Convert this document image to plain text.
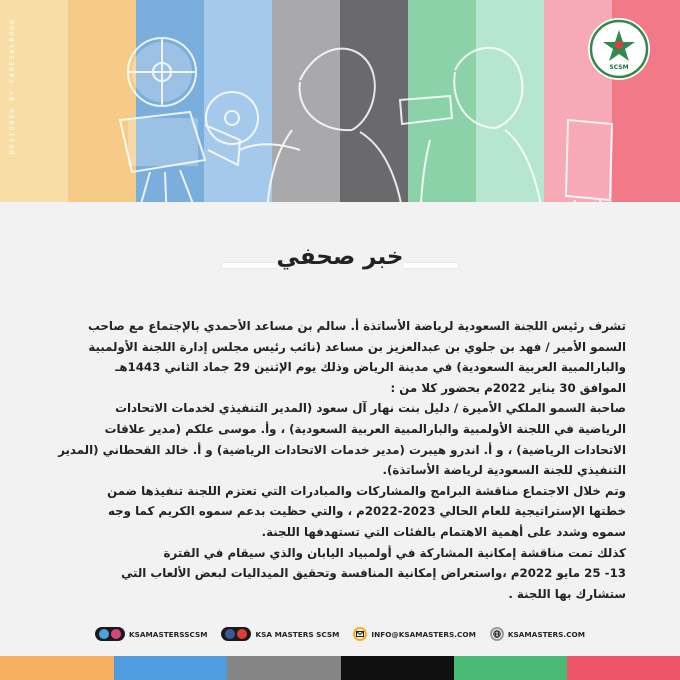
DESIGNED BY FARESALROUQ	SCSM
خبر صحفي
تشرف رئيس اللجنة السعودية لرياضة الأساتذة أ. سالم بن مساعد الأحمدي بالإجتماع مع صاحب
السمو الأمير / فهد بن جلوي بن عبدالعزيز بن مساعد (نائب رئيس مجلس إدارة اللجنة الأولمبية
والبارالمبية العربية السعودية) في مدينة الرياض وذلك يوم الإثنين 29 جماد الثاني 1443هـ
الموافق 30 يناير 2022م بحضور كلا من :
صاحبة السمو الملكي الأميرة / دليل بنت نهار آل سعود (المدير التنفيذي لخدمات الاتحادات
الرياضية في اللجنة الأولمبية والبارالمبية العربية السعودية) ، وأ. موسى علكم (مدير علاقات
الاتحادات الرياضية) ، و أ. اندرو هيبرت (مدير خدمات الاتحادات الرياضية) و أ. خالد القحطاني (المدير
التنفيذي للجنة السعودية لرياضة الأساتذة).
وتم خلال الاجتماع مناقشة البرامج والمشاركات والمبادرات التي تعتزم اللجنة تنفيذها ضمن
خطتها الإستراتيجية للعام الحالي 2023-2022م ، والتي حظيت بدعم سموه الكريم كما وجه
سموه وشدد على أهمية الاهتمام بالفئات التي تستهدفها اللجنة.
كذلك تمت مناقشة إمكانية المشاركة في أولمبياد اليابان والذي سيقام في الفترة
13- 25 مايو 2022م ،واستعراض إمكانية المنافسة وتحقيق الميداليات لبعض الألعاب التي
ستشارك بها اللجنة .
KSAMASTERSSCSM	KSA MASTERS SCSM	INFO@KSAMASTERS.COM	KSAMASTERS.COM
